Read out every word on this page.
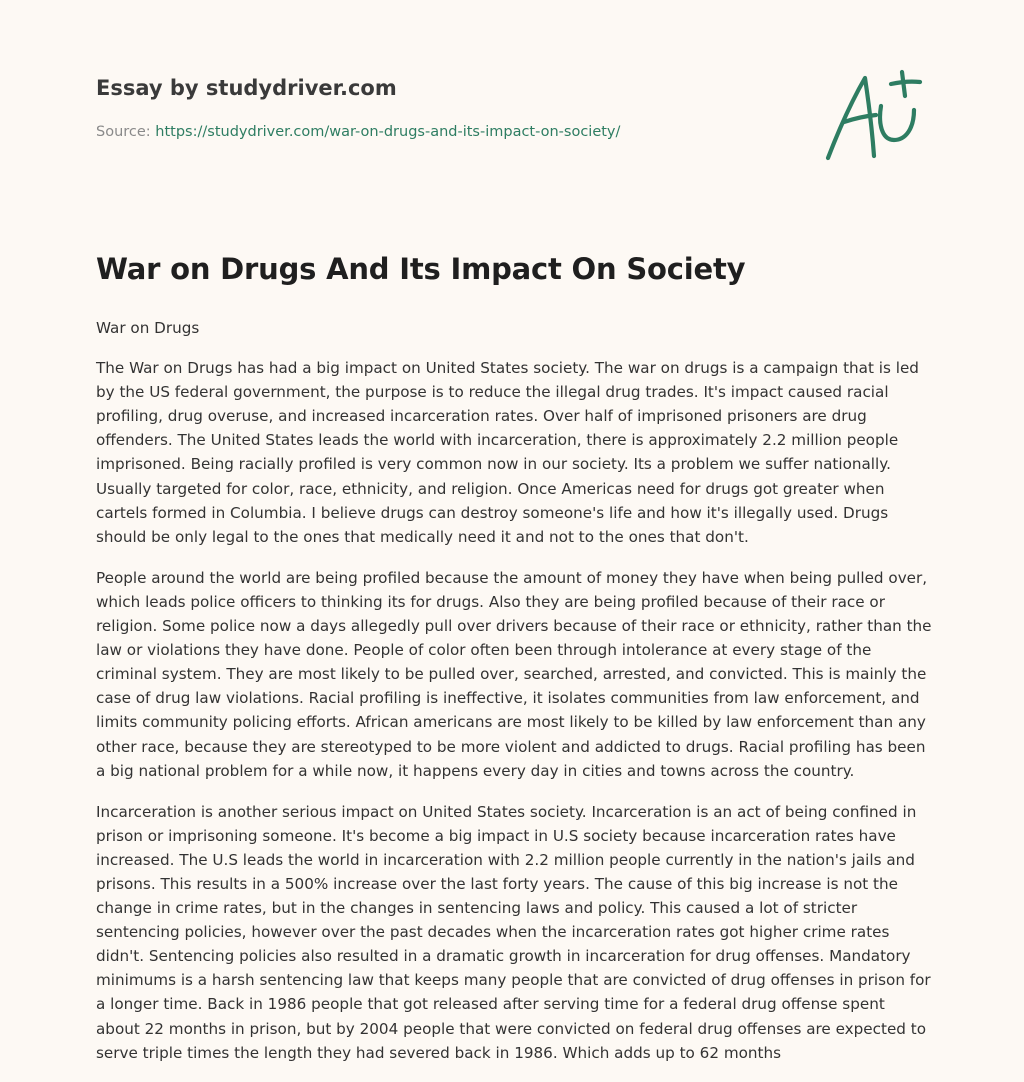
Essay by studydriver.com
Source: https://studydriver.com/war-on-drugs-and-its-impact-on-society/
War on Drugs And Its Impact On Society

War on Drugs

The War on Drugs has had a big impact on United States society. The war on drugs is a campaign that is led by the US federal government, the purpose is to reduce the illegal drug trades. It's impact caused racial profiling, drug overuse, and increased incarceration rates. Over half of imprisoned prisoners are drug offenders. The United States leads the world with incarceration, there is approximately 2.2 million people imprisoned. Being racially profiled is very common now in our society. Its a problem we suffer nationally. Usually targeted for color, race, ethnicity, and religion. Once Americas need for drugs got greater when cartels formed in Columbia. I believe drugs can destroy someone's life and how it's illegally used. Drugs should be only legal to the ones that medically need it and not to the ones that don't.

People around the world are being profiled because the amount of money they have when being pulled over, which leads police officers to thinking its for drugs. Also they are being profiled because of their race or religion. Some police now a days allegedly pull over drivers because of their race or ethnicity, rather than the law or violations they have done. People of color often been through intolerance at every stage of the criminal system. They are most likely to be pulled over, searched, arrested, and convicted. This is mainly the case of drug law violations. Racial profiling is ineffective, it isolates communities from law enforcement, and limits community policing efforts. African americans are most likely to be killed by law enforcement than any other race, because they are stereotyped to be more violent and addicted to drugs. Racial profiling has been a big national problem for a while now, it happens every day in cities and towns across the country.

Incarceration is another serious impact on United States society. Incarceration is an act of being confined in prison or imprisoning someone. It's become a big impact in U.S society because incarceration rates have increased. The U.S leads the world in incarceration with 2.2 million people currently in the nation's jails and prisons. This results in a 500% increase over the last forty years. The cause of this big increase is not the change in crime rates, but in the changes in sentencing laws and policy. This caused a lot of stricter sentencing policies, however over the past decades when the incarceration rates got higher crime rates didn't. Sentencing policies also resulted in a dramatic growth in incarceration for drug offenses. Mandatory minimums is a harsh sentencing law that keeps many people that are convicted of drug offenses in prison for a longer time. Back in 1986 people that got released after serving time for a federal drug offense spent about 22 months in prison, but by 2004 people that were convicted on federal drug offenses are expected to serve triple times the length they had severed back in 1986. Which adds up to 62 months
